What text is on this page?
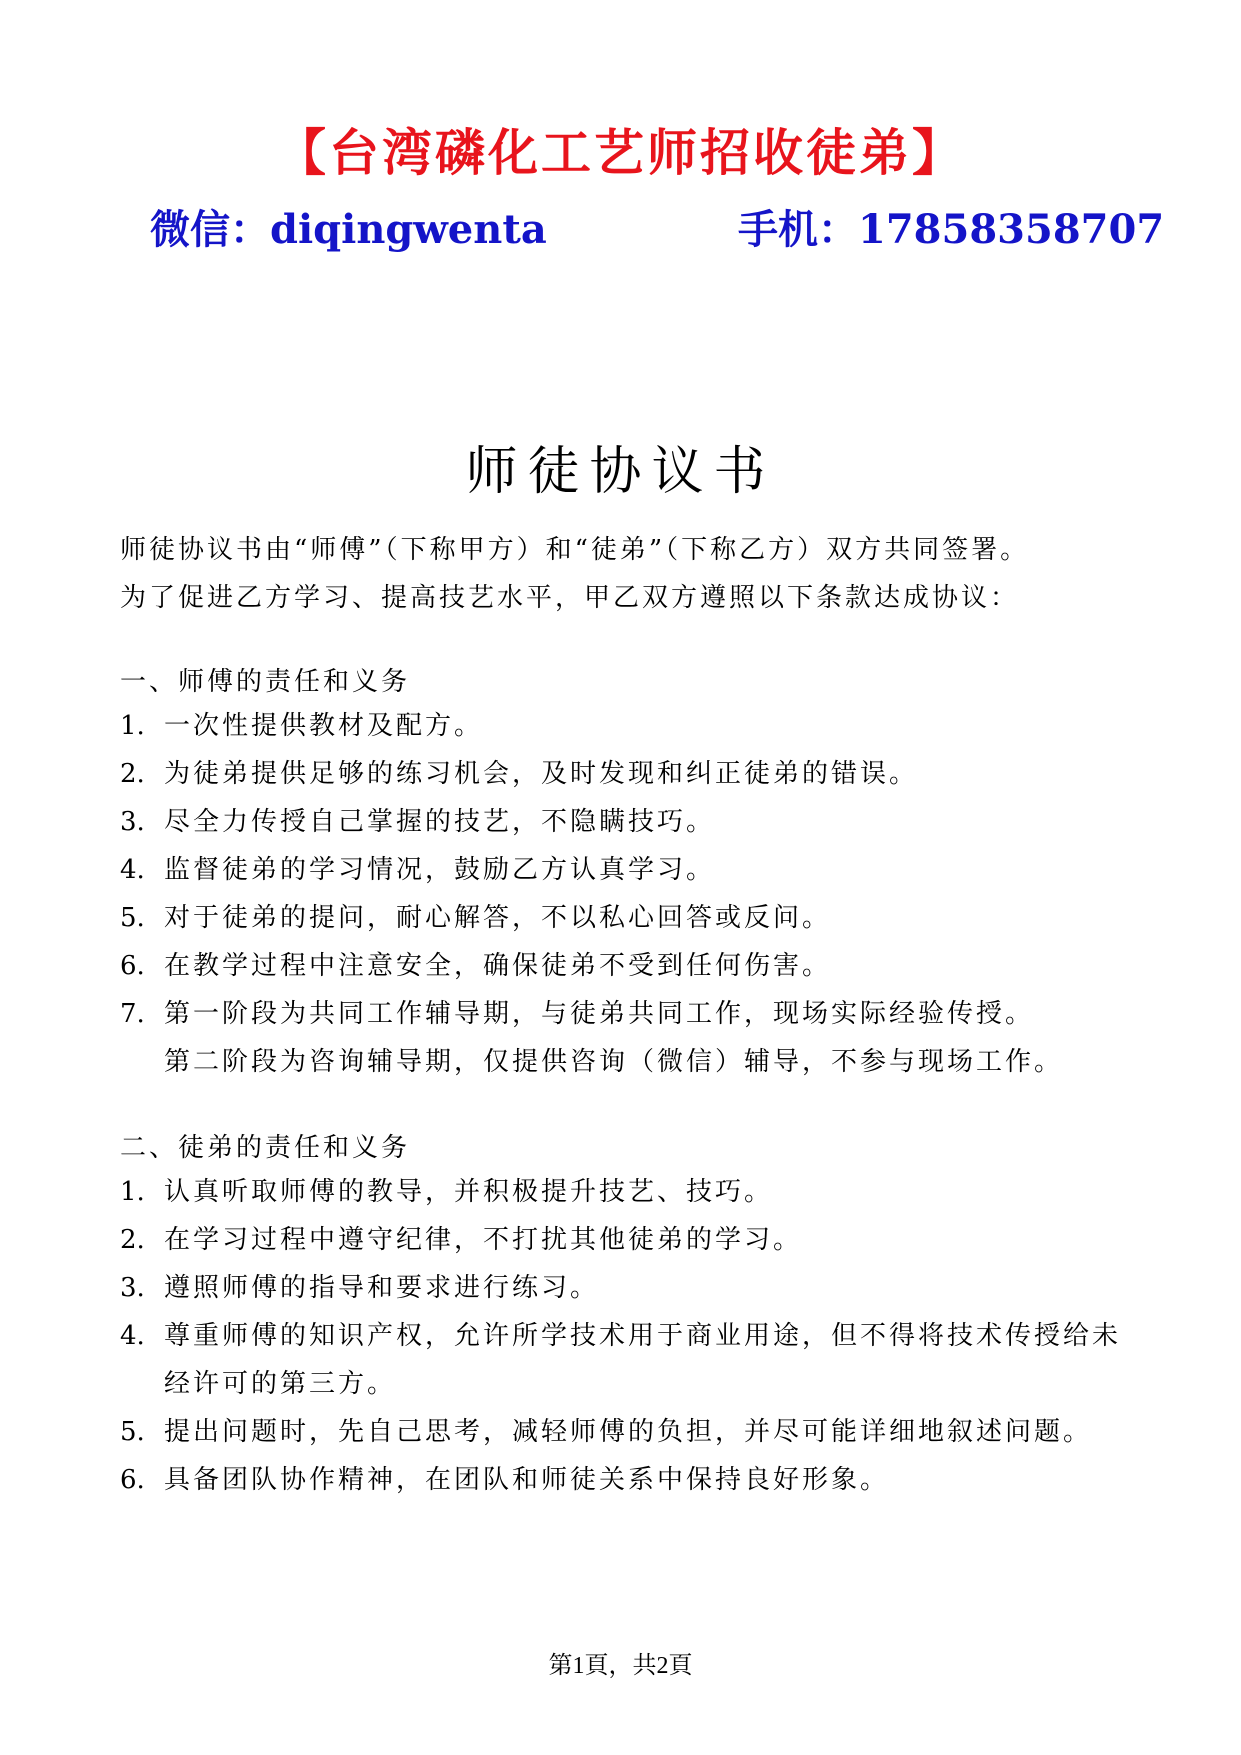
【台湾磷化工艺师招收徒弟】
微信：diqingwenta	手机：17858358707
师徒协议书
师徒协议书由“师傅”（下称甲方）和“徒弟”（下称乙方）双方共同签署。
为了促进乙方学习、提高技艺水平，甲乙双方遵照以下条款达成协议：
一、师傅的责任和义务
1. 一次性提供教材及配方。
2. 为徒弟提供足够的练习机会，及时发现和纠正徒弟的错误。
3. 尽全力传授自己掌握的技艺，不隐瞒技巧。
4. 监督徒弟的学习情况，鼓励乙方认真学习。
5. 对于徒弟的提问，耐心解答，不以私心回答或反问。
6. 在教学过程中注意安全，确保徒弟不受到任何伤害。
7. 第一阶段为共同工作辅导期，与徒弟共同工作，现场实际经验传授。
第二阶段为咨询辅导期，仅提供咨询（微信）辅导，不参与现场工作。
二、徒弟的责任和义务
1. 认真听取师傅的教导，并积极提升技艺、技巧。
2. 在学习过程中遵守纪律，不打扰其他徒弟的学习。
3. 遵照师傅的指导和要求进行练习。
4. 尊重师傅的知识产权，允许所学技术用于商业用途，但不得将技术传授给未
经许可的第三方。
5. 提出问题时，先自己思考，减轻师傅的负担，并尽可能详细地叙述问题。
6. 具备团队协作精神，在团队和师徒关系中保持良好形象。
第1頁，共2頁
